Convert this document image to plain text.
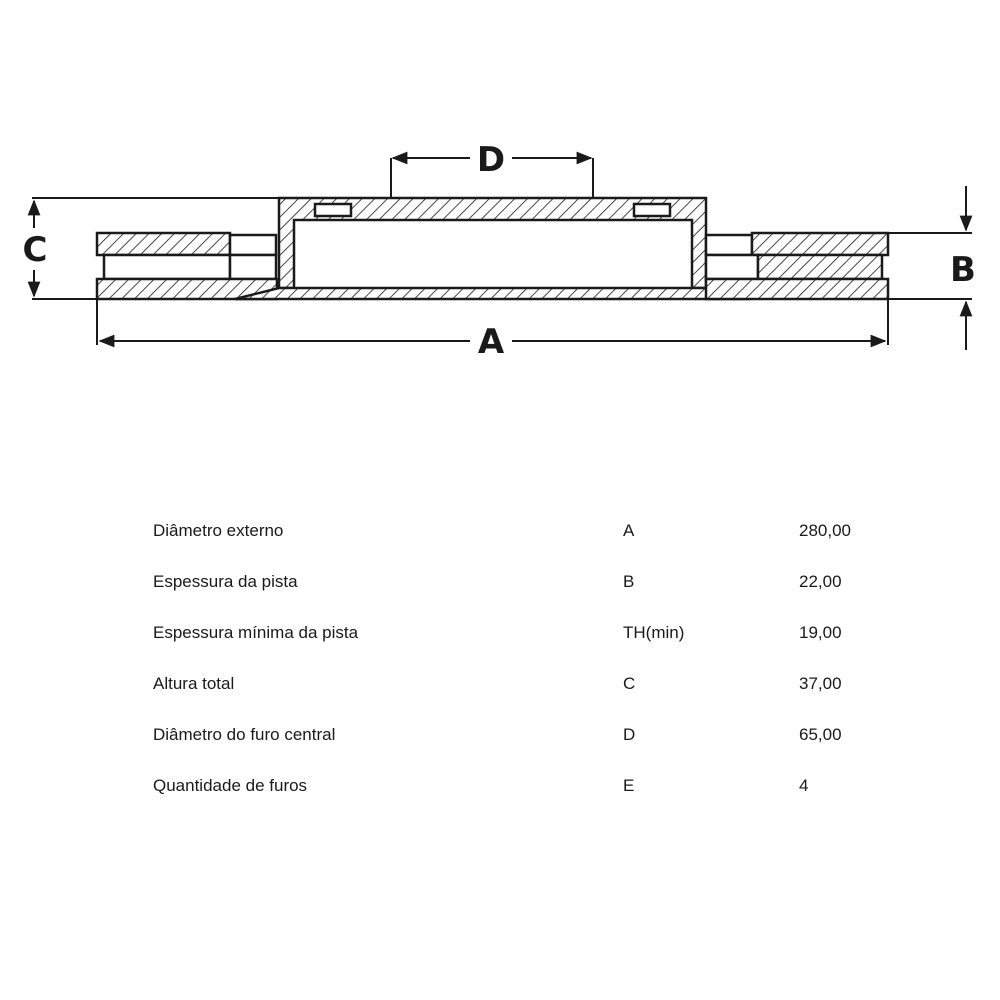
D
C	B
A
Diâmetro externo	A	280,00
Espessura da pista	B	22,00
Espessura mínima da pista	TH(min)	19,00
Altura total	C	37,00
Diâmetro do furo central	D	65,00
Quantidade de furos	E	4
